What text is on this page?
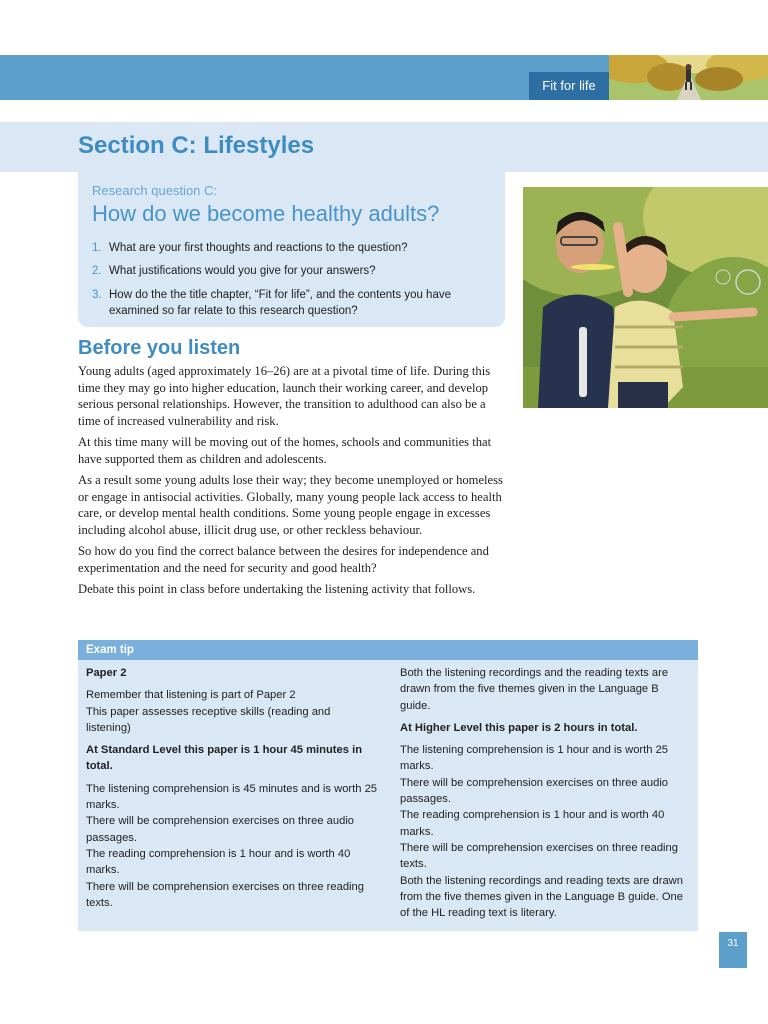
Fit for life
Section C: Lifestyles
Research question C:
How do we become healthy adults?
1. What are your first thoughts and reactions to the question?
2. What justifications would you give for your answers?
3. How do the the title chapter, “Fit for life”, and the contents you have examined so far relate to this research question?
Before you listen

Young adults (aged approximately 16–26) are at a pivotal time of life. During this time they may go into higher education, launch their working career, and develop serious personal relationships. However, the transition to adulthood can also be a time of increased vulnerability and risk.

At this time many will be moving out of the homes, schools and communities that have supported them as children and adolescents.

As a result some young adults lose their way; they become unemployed or homeless or engage in antisocial activities. Globally, many young people lack access to health care, or develop mental health conditions. Some young people engage in excesses including alcohol abuse, illicit drug use, or other reckless behaviour.

So how do you find the correct balance between the desires for independence and experimentation and the need for security and good health?

Debate this point in class before undertaking the listening activity that follows.

Exam tip
Paper 2
Remember that listening is part of Paper 2
This paper assesses receptive skills (reading and listening)
At Standard Level this paper is 1 hour 45 minutes in total.
The listening comprehension is 45 minutes and is worth 25 marks.
There will be comprehension exercises on three audio passages.
The reading comprehension is 1 hour and is worth 40 marks.
There will be comprehension exercises on three reading texts.
Both the listening recordings and the reading texts are drawn from the five themes given in the Language B guide.
At Higher Level this paper is 2 hours in total.
The listening comprehension is 1 hour and is worth 25 marks.
There will be comprehension exercises on three audio passages.
The reading comprehension is 1 hour and is worth 40 marks.
There will be comprehension exercises on three reading texts.
Both the listening recordings and reading texts are drawn from the five themes given in the Language B guide. One of the HL reading text is literary.
31
